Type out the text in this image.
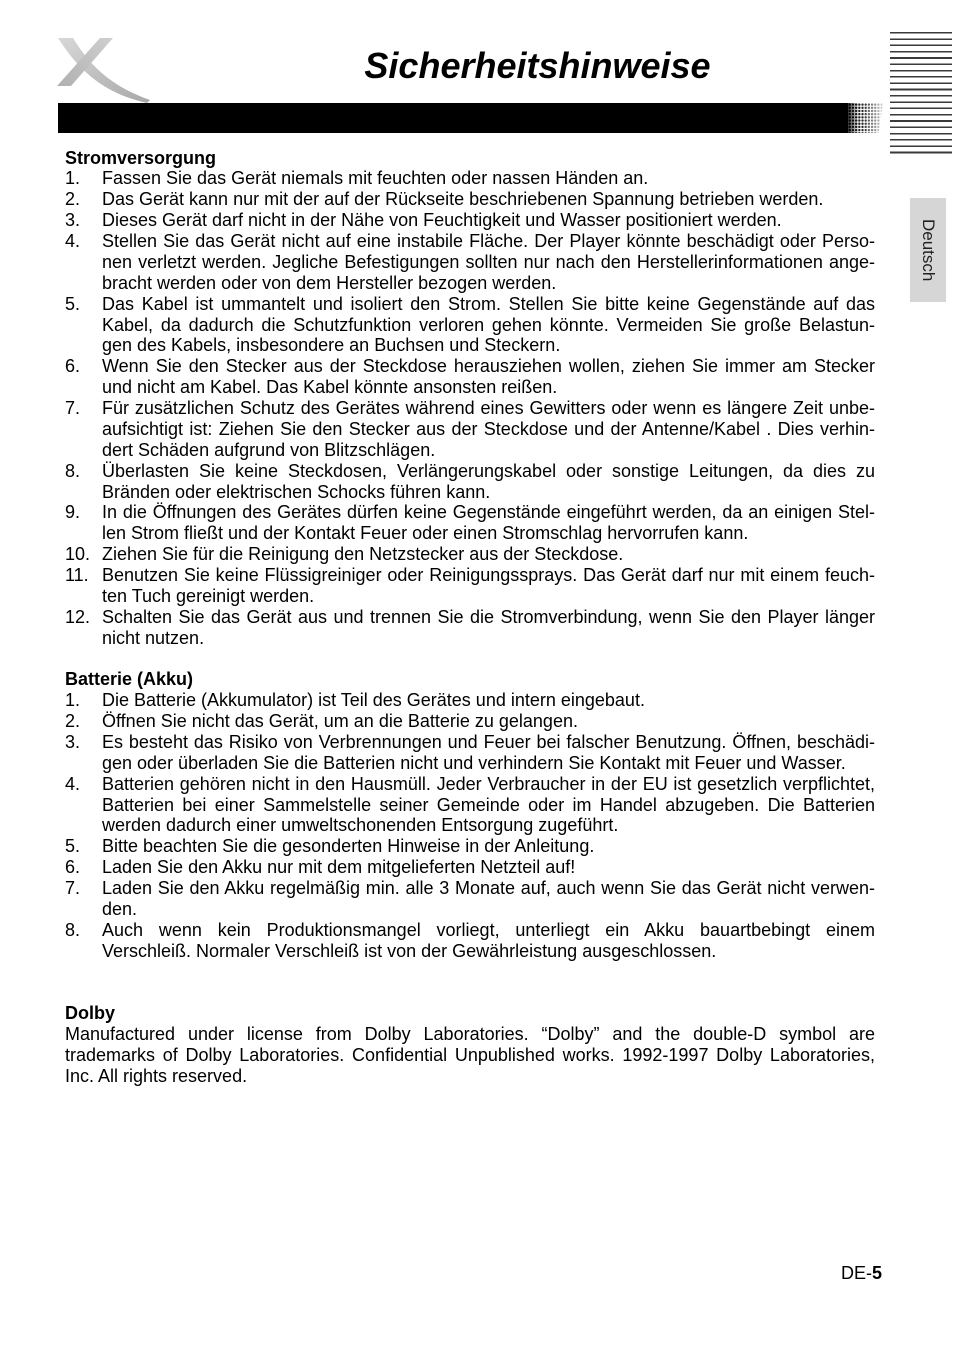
Sicherheitshinweise
Deutsch
Stromversorgung
1.	Fassen Sie das Gerät niemals mit feuchten oder nassen Händen an.
2.	Das Gerät kann nur mit der auf der Rückseite beschriebenen Spannung betrieben werden.
3.	Dieses Gerät darf nicht in der Nähe von Feuchtigkeit und Wasser positioniert werden.
4.	Stellen Sie das Gerät nicht auf eine instabile Fläche. Der Player könnte beschädigt oder Perso-
nen verletzt werden. Jegliche Befestigungen sollten nur nach den Herstellerinformationen ange-
bracht werden oder von dem Hersteller bezogen werden.
5.	Das Kabel ist ummantelt und isoliert den Strom. Stellen Sie bitte keine Gegenstände auf das
Kabel, da dadurch die Schutzfunktion verloren gehen könnte. Vermeiden Sie große Belastun-
gen des Kabels, insbesondere an Buchsen und Steckern.
6.	Wenn Sie den Stecker aus der Steckdose herausziehen wollen, ziehen Sie immer am Stecker
und nicht am Kabel. Das Kabel könnte ansonsten reißen.
7.	Für zusätzlichen Schutz des Gerätes während eines Gewitters oder wenn es längere Zeit unbe-
aufsichtigt ist: Ziehen Sie den Stecker aus der Steckdose und der Antenne/Kabel . Dies verhin-
dert Schäden aufgrund von Blitzschlägen.
8.	Überlasten Sie keine Steckdosen, Verlängerungskabel oder sonstige Leitungen, da dies zu
Bränden oder elektrischen Schocks führen kann.
9.	In die Öffnungen des Gerätes dürfen keine Gegenstände eingeführt werden, da an einigen Stel-
len Strom fließt und der Kontakt Feuer oder einen Stromschlag hervorrufen kann.
10. Ziehen Sie für die Reinigung den Netzstecker aus der Steckdose.
11. Benutzen Sie keine Flüssigreiniger oder Reinigungssprays. Das Gerät darf nur mit einem feuch-
ten Tuch gereinigt werden.
12. Schalten Sie das Gerät aus und trennen Sie die Stromverbindung, wenn Sie den Player länger
nicht nutzen.
Batterie (Akku)
1.	Die Batterie (Akkumulator) ist Teil des Gerätes und intern eingebaut.
2.	Öffnen Sie nicht das Gerät, um an die Batterie zu gelangen.
3.	Es besteht das Risiko von Verbrennungen und Feuer bei falscher Benutzung. Öffnen, beschädi-
gen oder überladen Sie die Batterien nicht und verhindern Sie Kontakt mit Feuer und Wasser.
4.	Batterien gehören nicht in den Hausmüll. Jeder Verbraucher in der EU ist gesetzlich verpflichtet,
Batterien bei einer Sammelstelle seiner Gemeinde oder im Handel abzugeben. Die Batterien
werden dadurch einer umweltschonenden Entsorgung zugeführt.
5.	Bitte beachten Sie die gesonderten Hinweise in der Anleitung.
6.	Laden Sie den Akku nur mit dem mitgelieferten Netzteil auf!
7.	Laden Sie den Akku regelmäßig min. alle 3 Monate auf, auch wenn Sie das Gerät nicht verwen-
den.
8.	Auch wenn kein Produktionsmangel vorliegt, unterliegt ein Akku bauartbebingt einem
Verschleiß. Normaler Verschleiß ist von der Gewährleistung ausgeschlossen.
Dolby
Manufactured under license from Dolby Laboratories. “Dolby” and the double-D symbol are
trademarks of Dolby Laboratories. Confidential Unpublished works. 1992-1997 Dolby Laboratories,
Inc. All rights reserved.
DE-5
